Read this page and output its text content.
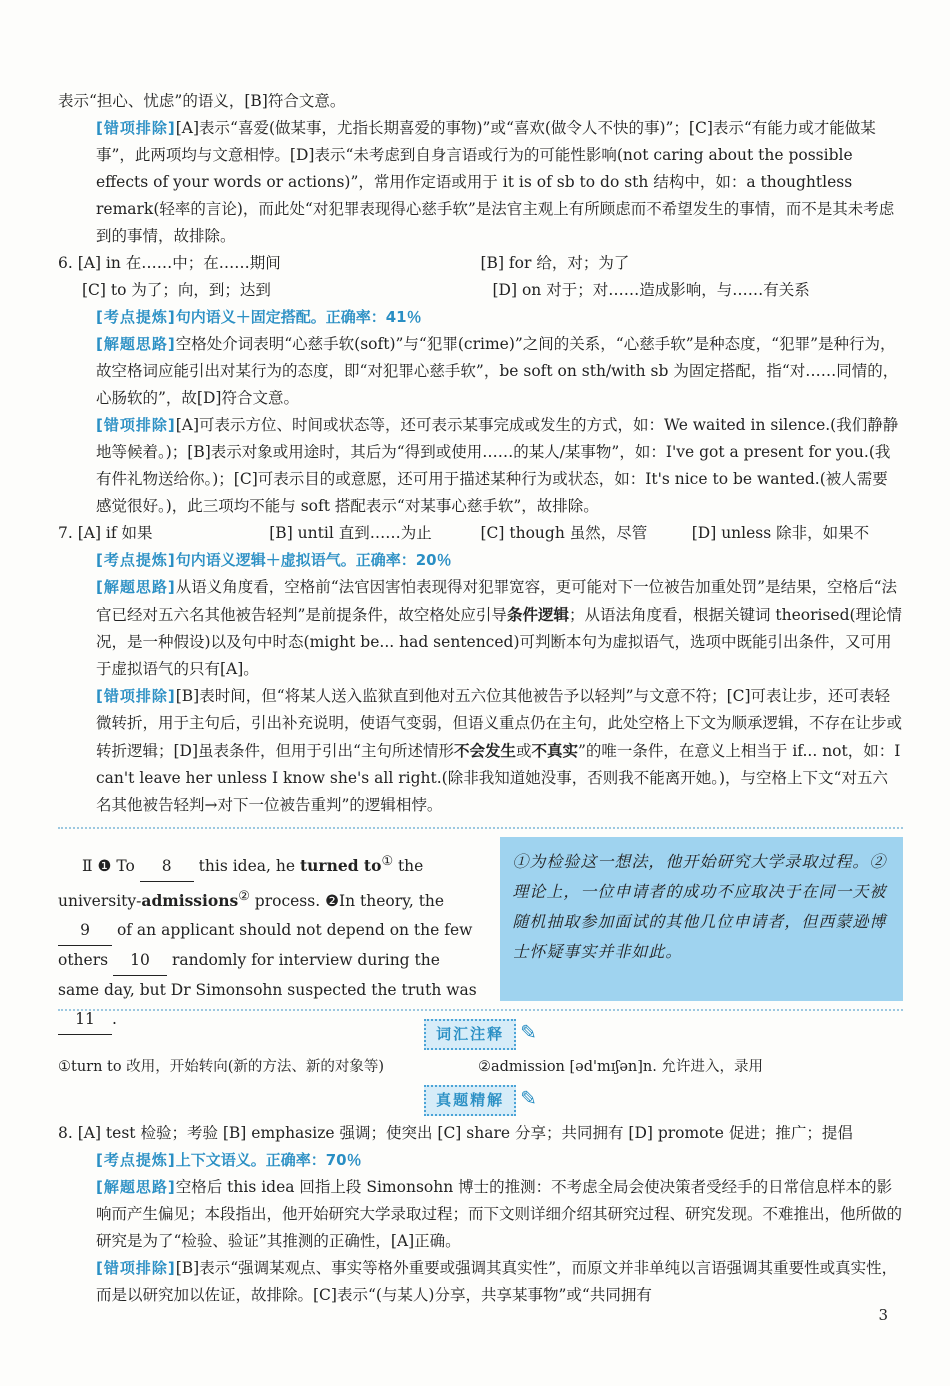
表示“担心、忧虑”的语义，[B]符合文意。

[ 错项排除 ] [A]表示“喜爱(做某事，尤指长期喜爱的事物)”或“喜欢(做令人不快的事)”；[C]表示“有能力或才能做某事”，此两项均与文意相悖。[D]表示“未考虑到自身言语或行为的可能性影响(not caring about the possible effects of your words or actions)”，常用作定语或用于 it is of sb to do sth 结构中，如：a thoughtless remark(轻率的言论)，而此处“对犯罪表现得心慈手软”是法官主观上有所顾虑而不希望发生的事情，而不是其未考虑到的事情，故排除。

6. [A] in 在……中；在……期间	[B] for 给，对；为了
[C] to 为了；向，到；达到	[D] on 对于；对……造成影响，与……有关系

[ 考点提炼 ] 句内语义＋固定搭配。正确率：41％

[ 解题思路 ] 空格处介词表明“心慈手软(soft)”与“犯罪(crime)”之间的关系，“心慈手软”是种态度，“犯罪”是种行为，故空格词应能引出对某行为的态度，即“对犯罪心慈手软”，be soft on sth/with sb 为固定搭配，指“对……同情的，心肠软的”，故[D]符合文意。

[ 错项排除 ] [A]可表示方位、时间或状态等，还可表示某事完成或发生的方式，如：We waited in silence.(我们静静地等候着。)；[B]表示对象或用途时，其后为“得到或使用……的某人/某事物”，如：I've got a present for you.(我有件礼物送给你。)；[C]可表示目的或意愿，还可用于描述某种行为或状态，如：It's nice to be wanted.(被人需要感觉很好。)，此三项均不能与 soft 搭配表示“对某事心慈手软”，故排除。

7. [A] if 如果	[B] until 直到……为止	[C] though 虽然，尽管	[D] unless 除非，如果不

[ 考点提炼 ] 句内语义逻辑＋虚拟语气。正确率：20％

[ 解题思路 ] 从语义角度看，空格前“法官因害怕表现得对犯罪宽容，更可能对下一位被告加重处罚”是结果，空格后“法官已经对五六名其他被告轻判”是前提条件，故空格处应引导条件逻辑；从语法角度看，根据关键词 theorised(理论情况，是一种假设)以及句中时态(might be... had sentenced)可判断本句为虚拟语气，选项中既能引出条件，又可用于虚拟语气的只有[A]。

[ 错项排除 ] [B]表时间，但“将某人送入监狱直到他对五六位其他被告予以轻判”与文意不符；[C]可表让步，还可表轻微转折，用于主句后，引出补充说明，使语气变弱，但语义重点仍在主句，此处空格上下文为顺承逻辑，不存在让步或转折逻辑；[D]虽表条件，但用于引出“主句所述情形不会发生或不真实”的唯一条件，在意义上相当于 if... not，如：I can't leave her unless I know she's all right.(除非我知道她没事，否则我不能离开她。)，与空格上下文“对五六名其他被告轻判→对下一位被告重判”的逻辑相悖。

Ⅱ ❶ To 8 this idea, he turned to① the university-admissions② process. ❷In theory, the 9 of an applicant should not depend on the few others 10 randomly for interview during the same day, but Dr Simonsohn suspected the truth was 11 .
①为检验这一想法，他开始研究大学录取过程。②理论上，一位申请者的成功不应取决于在同一天被随机抽取参加面试的其他几位申请者，但西蒙逊博士怀疑事实并非如此。
词汇注释 ✎
①turn to 改用，开始转向(新的方法、新的对象等)	②admission [əd'mɪʃən]n. 允许进入，录用
真题精解 ✎

8. [A] test 检验；考验 [B] emphasize 强调；使突出 [C] share 分享；共同拥有 [D] promote 促进；推广；提倡

[ 考点提炼 ] 上下文语义。正确率：70％

[ 解题思路 ] 空格后 this idea 回指上段 Simonsohn 博士的推测：不考虑全局会使决策者受经手的日常信息样本的影响而产生偏见；本段指出，他开始研究大学录取过程；而下文则详细介绍其研究过程、研究发现。不难推出，他所做的研究是为了“检验、验证”其推测的正确性，[A]正确。

[ 错项排除 ] [B]表示“强调某观点、事实等格外重要或强调其真实性”，而原文并非单纯以言语强调其重要性或真实性，而是以研究加以佐证，故排除。[C]表示“(与某人)分享，共享某事物”或“共同拥有

3
